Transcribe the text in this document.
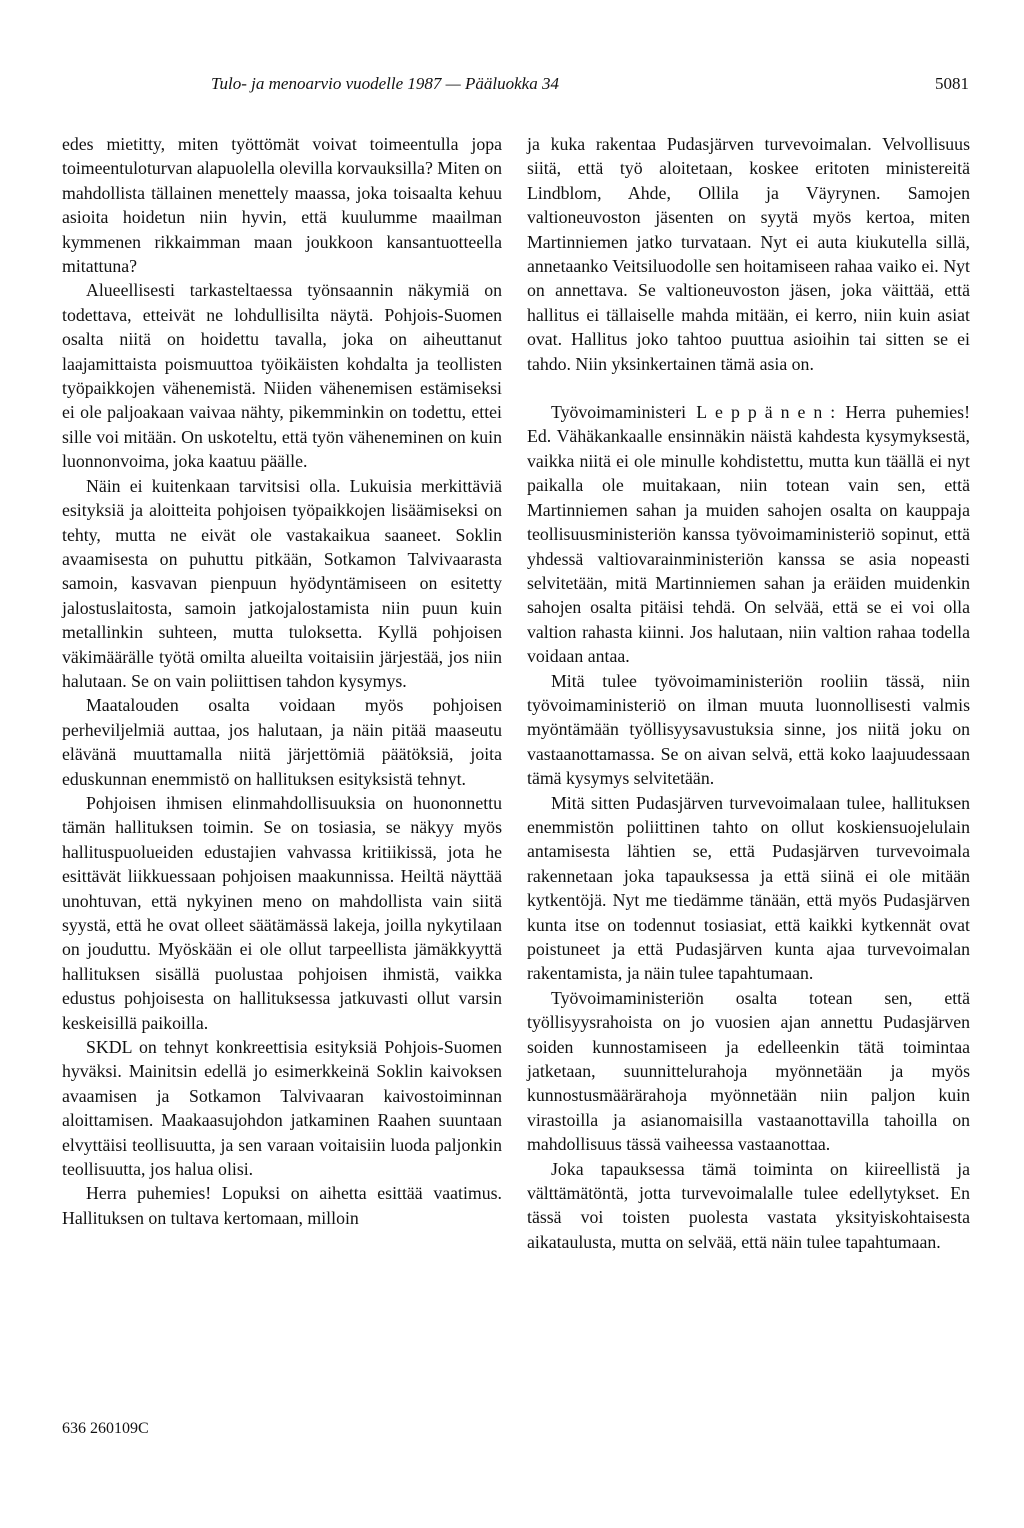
Tulo- ja menoarvio vuodelle 1987 — Pääluokka 34	5081

edes mietitty, miten työttömät voivat toimeentulla jopa toimeentuloturvan alapuolella olevilla korvauksilla? Miten on mahdollista tällainen menettely maassa, joka toisaalta kehuu asioita hoidetun niin hyvin, että kuulumme maailman kymmenen rikkaimman maan joukkoon kansantuotteella mitattuna?

Alueellisesti tarkasteltaessa työnsaannin näkymiä on todettava, etteivät ne lohdullisilta näytä. Pohjois-Suomen osalta niitä on hoidettu tavalla, joka on aiheuttanut laajamittaista poismuuttoa työikäisten kohdalta ja teollisten työpaikkojen vähenemistä. Niiden vähenemisen estämiseksi ei ole paljoakaan vaivaa nähty, pikemminkin on todettu, ettei sille voi mitään. On uskoteltu, että työn väheneminen on kuin luonnonvoima, joka kaatuu päälle.

Näin ei kuitenkaan tarvitsisi olla. Lukuisia merkittäviä esityksiä ja aloitteita pohjoisen työpaikkojen lisäämiseksi on tehty, mutta ne eivät ole vastakaikua saaneet. Soklin avaamisesta on puhuttu pitkään, Sotkamon Talvivaarasta samoin, kasvavan pienpuun hyödyntämiseen on esitetty jalostuslaitosta, samoin jatkojalostamista niin puun kuin metallinkin suhteen, mutta tuloksetta. Kyllä pohjoisen väkimäärälle työtä omilta alueilta voitaisiin järjestää, jos niin halutaan. Se on vain poliittisen tahdon kysymys.

Maatalouden osalta voidaan myös pohjoisen perheviljelmiä auttaa, jos halutaan, ja näin pitää maaseutu elävänä muuttamalla niitä järjettömiä päätöksiä, joita eduskunnan enemmistö on hallituksen esityksistä tehnyt.

Pohjoisen ihmisen elinmahdollisuuksia on huononnettu tämän hallituksen toimin. Se on tosiasia, se näkyy myös hallituspuolueiden edustajien vahvassa kritiikissä, jota he esittävät liikkuessaan pohjoisen maakunnissa. Heiltä näyttää unohtuvan, että nykyinen meno on mahdollista vain siitä syystä, että he ovat olleet säätämässä lakeja, joilla nykytilaan on jouduttu. Myöskään ei ole ollut tarpeellista jämäkkyyttä hallituksen sisällä puolustaa pohjoisen ihmistä, vaikka edustus pohjoisesta on hallituksessa jatkuvasti ollut varsin keskeisillä paikoilla.

SKDL on tehnyt konkreettisia esityksiä Pohjois-Suomen hyväksi. Mainitsin edellä jo esimerkkeinä Soklin kaivoksen avaamisen ja Sotkamon Talvivaaran kaivostoiminnan aloittamisen. Maakaasujohdon jatkaminen Raahen suuntaan elvyttäisi teollisuutta, ja sen varaan voitaisiin luoda paljonkin teollisuutta, jos halua olisi.

Herra puhemies! Lopuksi on aihetta esittää vaatimus. Hallituksen on tultava kertomaan, milloin

ja kuka rakentaa Pudasjärven turvevoimalan. Velvollisuus siitä, että työ aloitetaan, koskee eritoten ministereitä Lindblom, Ahde, Ollila ja Väyrynen. Samojen valtioneuvoston jäsenten on syytä myös kertoa, miten Martinniemen jatko turvataan. Nyt ei auta kiukutella sillä, annetaanko Veitsiluodolle sen hoitamiseen rahaa vaiko ei. Nyt on annettava. Se valtioneuvoston jäsen, joka väittää, että hallitus ei tällaiselle mahda mitään, ei kerro, niin kuin asiat ovat. Hallitus joko tahtoo puuttua asioihin tai sitten se ei tahdo. Niin yksinkertainen tämä asia on.

Työvoimaministeri Leppänen: Herra puhemies! Ed. Vähäkankaalle ensinnäkin näistä kahdesta kysymyksestä, vaikka niitä ei ole minulle kohdistettu, mutta kun täällä ei nyt paikalla ole muitakaan, niin totean vain sen, että Martinniemen sahan ja muiden sahojen osalta on kauppaja teollisuusministeriön kanssa työvoimaministeriö sopinut, että yhdessä valtiovarainministeriön kanssa se asia nopeasti selvitetään, mitä Martinniemen sahan ja eräiden muidenkin sahojen osalta pitäisi tehdä. On selvää, että se ei voi olla valtion rahasta kiinni. Jos halutaan, niin valtion rahaa todella voidaan antaa.

Mitä tulee työvoimaministeriön rooliin tässä, niin työvoimaministeriö on ilman muuta luonnollisesti valmis myöntämään työllisyysavustuksia sinne, jos niitä joku on vastaanottamassa. Se on aivan selvä, että koko laajuudessaan tämä kysymys selvitetään.

Mitä sitten Pudasjärven turvevoimalaan tulee, hallituksen enemmistön poliittinen tahto on ollut koskiensuojelulain antamisesta lähtien se, että Pudasjärven turvevoimala rakennetaan joka tapauksessa ja että siinä ei ole mitään kytkentöjä. Nyt me tiedämme tänään, että myös Pudasjärven kunta itse on todennut tosiasiat, että kaikki kytkennät ovat poistuneet ja että Pudasjärven kunta ajaa turvevoimalan rakentamista, ja näin tulee tapahtumaan.

Työvoimaministeriön osalta totean sen, että työllisyysrahoista on jo vuosien ajan annettu Pudasjärven soiden kunnostamiseen ja edelleenkin tätä toimintaa jatketaan, suunnittelurahoja myönnetään ja myös kunnostusmäärärahoja myönnetään niin paljon kuin virastoilla ja asianomaisilla vastaanottavilla tahoilla on mahdollisuus tässä vaiheessa vastaanottaa.

Joka tapauksessa tämä toiminta on kiireellistä ja välttämätöntä, jotta turvevoimalalle tulee edellytykset. En tässä voi toisten puolesta vastata yksityiskohtaisesta aikataulusta, mutta on selvää, että näin tulee tapahtumaan.

636 260109C
